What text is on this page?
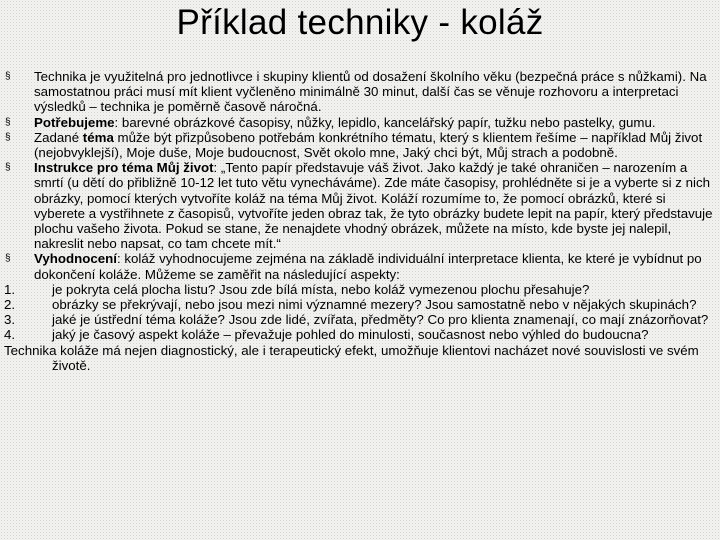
Příklad techniky - koláž
§	Technika je využitelná pro jednotlivce i skupiny klientů od dosažení školního věku (bezpečná práce s nůžkami). Na samostatnou práci musí mít klient vyčleněno minimálně 30 minut, další čas se věnuje rozhovoru a interpretaci výsledků – technika je poměrně časově náročná.
§	Potřebujeme: barevné obrázkové časopisy, nůžky, lepidlo, kancelářský papír, tužku nebo pastelky, gumu.
§	Zadané téma může být přizpůsobeno potřebám konkrétního tématu, který s klientem řešíme – například Můj život (nejobvyklejší), Moje duše, Moje budoucnost, Svět okolo mne, Jaký chci být, Můj strach a podobně.
§	Instrukce pro téma Můj život: „Tento papír představuje váš život. Jako každý je také ohraničen – narozením a smrtí (u dětí do přibližně 10-12 let tuto větu vynecháváme). Zde máte časopisy, prohlédněte si je a vyberte si z nich obrázky, pomocí kterých vytvoříte koláž na téma Můj život. Koláží rozumíme to, že pomocí obrázků, které si vyberete a vystřihnete z časopisů, vytvoříte jeden obraz tak, že tyto obrázky budete lepit na papír, který představuje plochu vašeho života. Pokud se stane, že nenajdete vhodný obrázek, můžete na místo, kde byste jej nalepil, nakreslit nebo napsat, co tam chcete mít.“
§	Vyhodnocení: koláž vyhodnocujeme zejména na základě individuální interpretace klienta, ke které je vybídnut po dokončení koláže. Můžeme se zaměřit na následující aspekty:
1.	je pokryta celá plocha listu? Jsou zde bílá místa, nebo koláž vymezenou plochu přesahuje?
2.	obrázky se překrývají, nebo jsou mezi nimi významné mezery? Jsou samostatně nebo v nějakých skupinách?
3.	jaké je ústřední téma koláže? Jsou zde lidé, zvířata, předměty? Co pro klienta znamenají, co mají znázorňovat?
4.	jaký je časový aspekt koláže – převažuje pohled do minulosti, současnost nebo výhled do budoucna?
Technika koláže má nejen diagnostický, ale i terapeutický efekt, umožňuje klientovi nacházet nové souvislosti ve svém životě.
